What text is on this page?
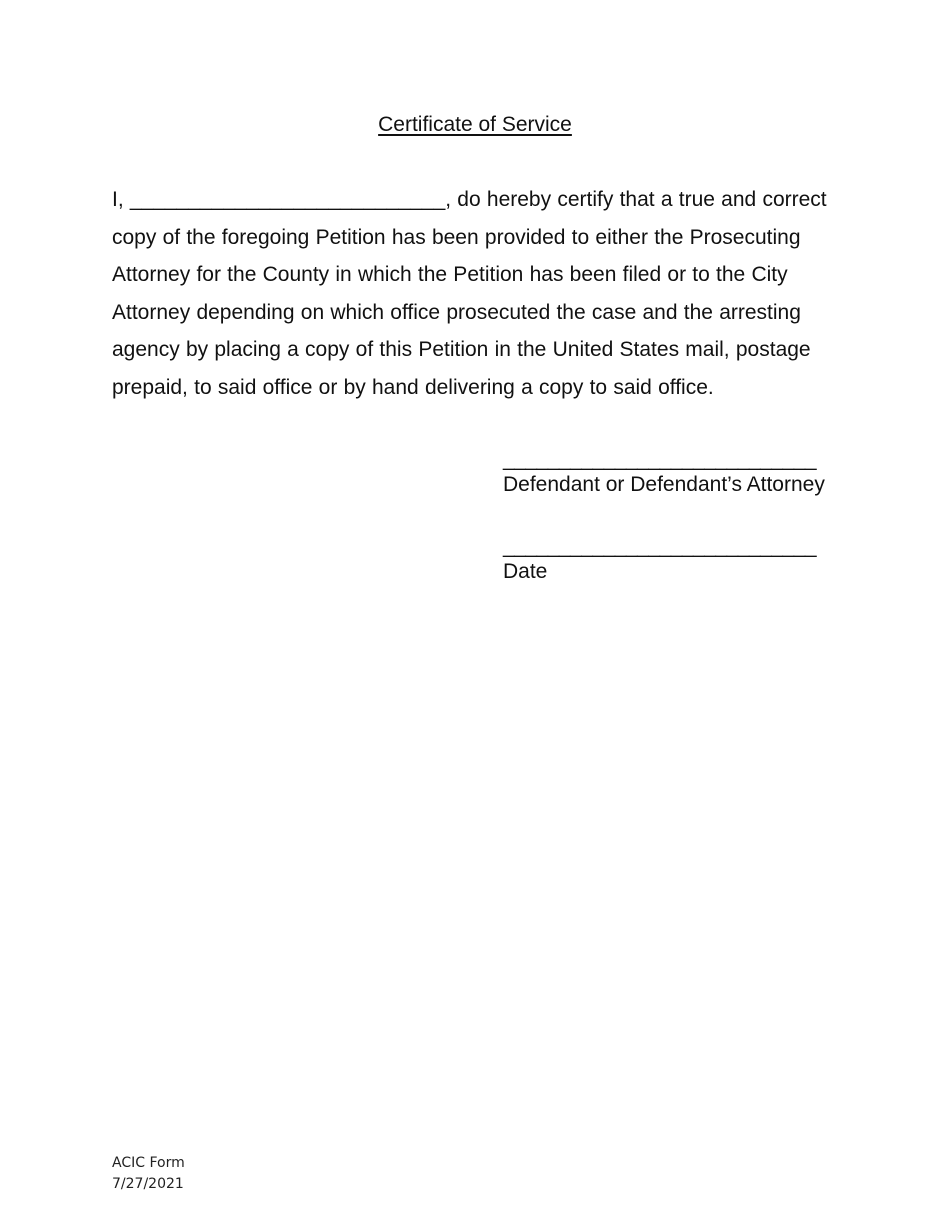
Certificate of Service

I, ___________________________, do hereby certify that a true and correct
copy of the foregoing Petition has been provided to either the Prosecuting
Attorney for the County in which the Petition has been filed or to the City
Attorney depending on which office prosecuted the case and the arresting
agency by placing a copy of this Petition in the United States mail, postage
prepaid, to said office or by hand delivering a copy to said office.

____________________________
Defendant or Defendant’s Attorney
____________________________
Date
ACIC Form
7/27/2021
